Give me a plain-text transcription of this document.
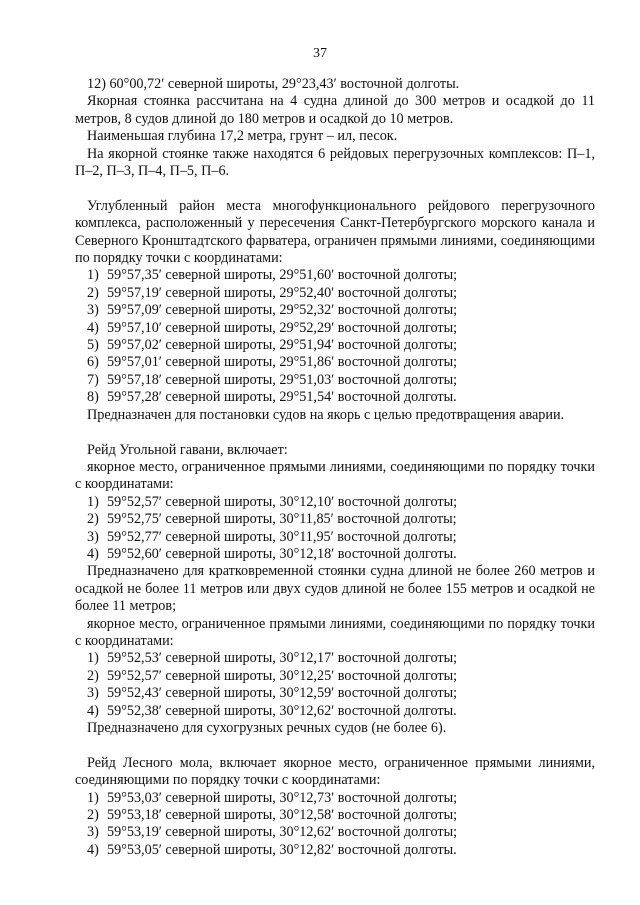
37

12) 60°00,72′ северной широты, 29°23,43′ восточной долготы.

Якорная стоянка рассчитана на 4 судна длиной до 300 метров и осадкой до 11 метров, 8 судов длиной до 180 метров и осадкой до 10 метров.

Наименьшая глубина 17,2 метра, грунт – ил, песок.

На якорной стоянке также находятся 6 рейдовых перегрузочных комплексов: П–1, П–2, П–3, П–4, П–5, П–6.

Углубленный район места многофункционального рейдового перегрузочного комплекса, расположенный у пересечения Санкт-Петербургского морского канала и Северного Кронштадтского фарватера, ограничен прямыми линиями, соединяющими по порядку точки с координатами:

1) 59°57,35′ северной широты, 29°51,60′ восточной долготы;
2) 59°57,19′ северной широты, 29°52,40′ восточной долготы;
3) 59°57,09′ северной широты, 29°52,32′ восточной долготы;
4) 59°57,10′ северной широты, 29°52,29′ восточной долготы;
5) 59°57,02′ северной широты, 29°51,94′ восточной долготы;
6) 59°57,01′ северной широты, 29°51,86′ восточной долготы;
7) 59°57,18′ северной широты, 29°51,03′ восточной долготы;
8) 59°57,28′ северной широты, 29°51,54′ восточной долготы.

Предназначен для постановки судов на якорь с целью предотвращения аварии.

Рейд Угольной гавани, включает:

якорное место, ограниченное прямыми линиями, соединяющими по порядку точки с координатами:

1) 59°52,57′ северной широты, 30°12,10′ восточной долготы;
2) 59°52,75′ северной широты, 30°11,85′ восточной долготы;
3) 59°52,77′ северной широты, 30°11,95′ восточной долготы;
4) 59°52,60′ северной широты, 30°12,18′ восточной долготы.

Предназначено для кратковременной стоянки судна длиной не более 260 метров и осадкой не более 11 метров или двух судов длиной не более 155 метров и осадкой не более 11 метров;

якорное место, ограниченное прямыми линиями, соединяющими по порядку точки с координатами:

1) 59°52,53′ северной широты, 30°12,17′ восточной долготы;
2) 59°52,57′ северной широты, 30°12,25′ восточной долготы;
3) 59°52,43′ северной широты, 30°12,59′ восточной долготы;
4) 59°52,38′ северной широты, 30°12,62′ восточной долготы.

Предназначено для сухогрузных речных судов (не более 6).

Рейд Лесного мола, включает якорное место, ограниченное прямыми линиями, соединяющими по порядку точки с координатами:

1) 59°53,03′ северной широты, 30°12,73′ восточной долготы;
2) 59°53,18′ северной широты, 30°12,58′ восточной долготы;
3) 59°53,19′ северной широты, 30°12,62′ восточной долготы;
4) 59°53,05′ северной широты, 30°12,82′ восточной долготы.
